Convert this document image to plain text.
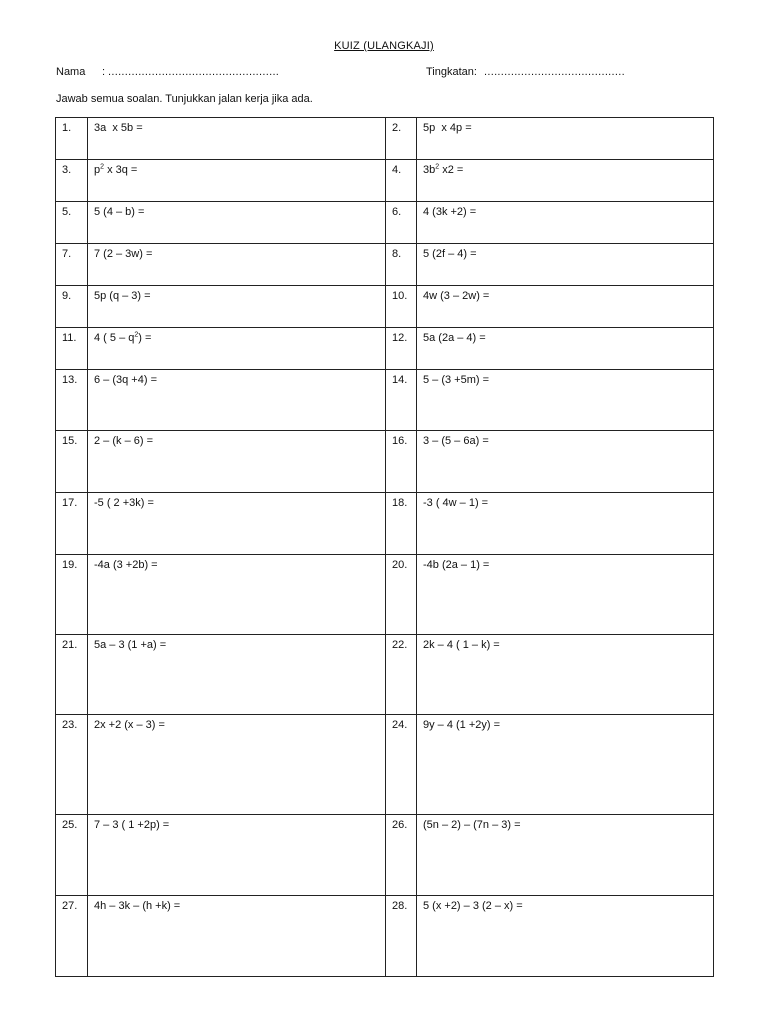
KUIZ (ULANGKAJI)
Nama : ...................................................	Tingkatan: ..........................................
Jawab semua soalan. Tunjukkan jalan kerja jika ada.
1.	3a  x 5b =	2.	5p  x 4p =
3.	$p^2$ x 3q =	4.	$3b^2$ x2 =
5.	5 (4 – b) =	6.	4 (3k +2) =
7.	7 (2 – 3w) =	8.	5 (2f – 4) =
9.	5p (q – 3) =	10.	4w (3 – 2w) =
11.	4 ( $5 - q^2$) =	12.	5a (2a – 4) =
13.	6 – (3q +4) =	14.	5 – (3 +5m) =
15.	2 – (k – 6) =	16.	3 – (5 – 6a) =
17.	-5 ( 2 +3k) =	18.	-3 ( 4w – 1) =
19.	-4a (3 +2b) =	20.	-4b (2a – 1) =
21.	5a – 3 (1 +a) =	22.	2k – 4 ( 1 – k) =
23.	2x +2 (x – 3) =	24.	9y – 4 (1 +2y) =
25.	7 – 3 ( 1 +2p) =	26.	(5n – 2) – (7n – 3) =
27.	4h – 3k – (h +k) =	28.	5 (x +2) – 3 (2 – x) =
